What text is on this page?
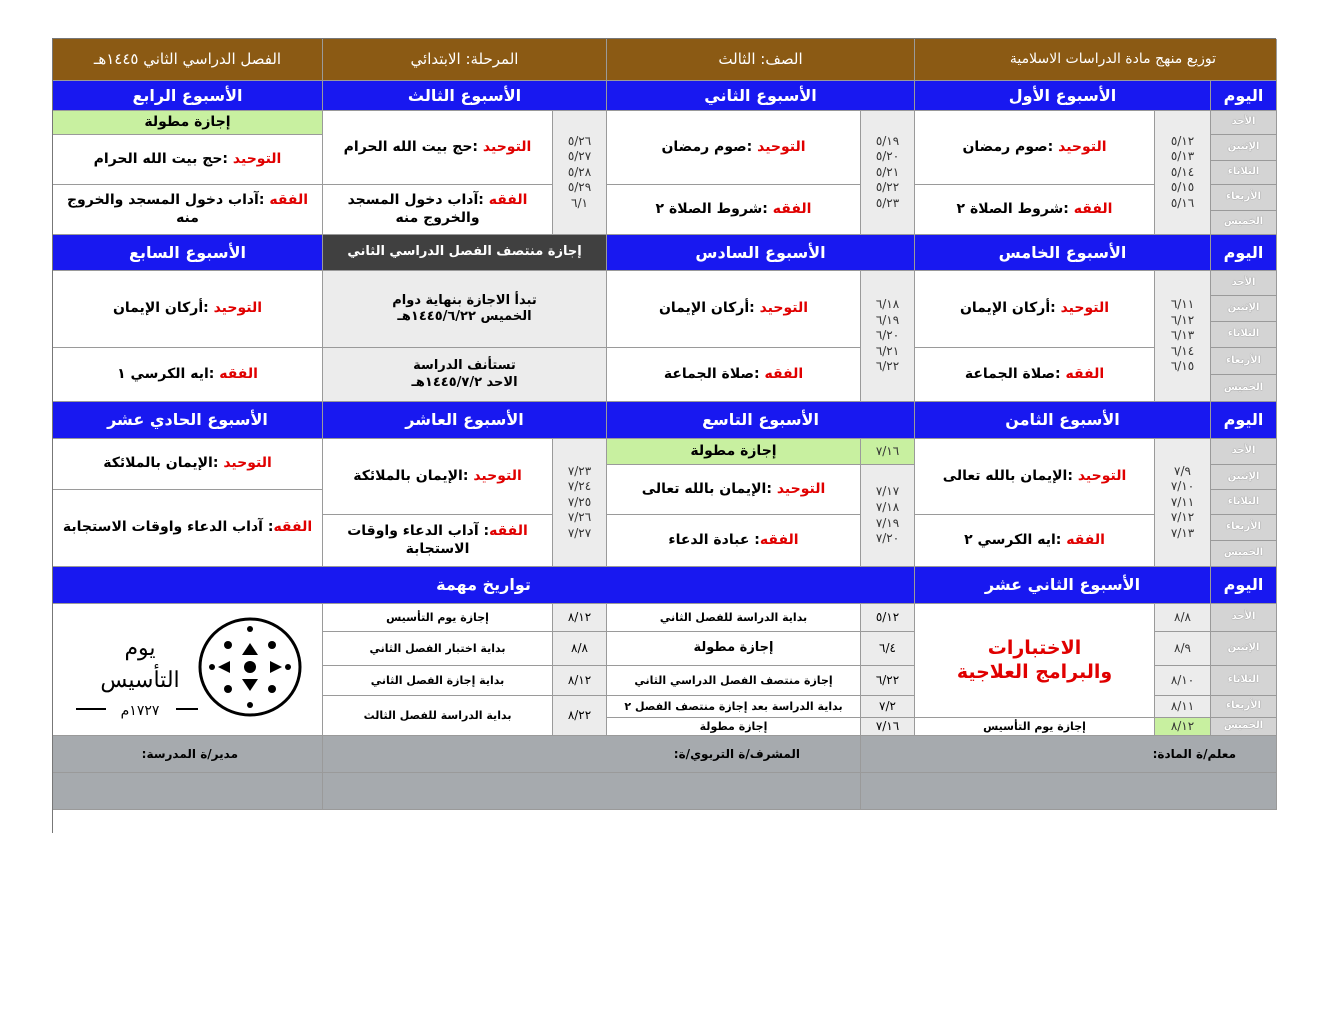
توزيع منهج مادة الدراسات الاسلامية
الصف: الثالث
المرحلة: الابتدائي
الفصل الدراسي الثاني ١٤٤٥هـ
اليوم
الأسبوع الأول
الأسبوع الثاني
الأسبوع الثالث
الأسبوع الرابع
الأحد
الإثنين
الثلاثاء
الأربعاء
الخميس
٥/١٢
٥/١٣
٥/١٤
٥/١٥
٥/١٦
التوحيد :صوم رمضان
الفقه :شروط الصلاة ٢
٥/١٩
٥/٢٠
٥/٢١
٥/٢٢
٥/٢٣
التوحيد :صوم رمضان
الفقه :شروط الصلاة ٢
٥/٢٦
٥/٢٧
٥/٢٨
٥/٢٩
٦/١
التوحيد :حج بيت الله الحرام
الفقه :آداب دخول المسجد والخروج منه
إجازة مطولة
التوحيد :حج بيت الله الحرام
الفقه :آداب دخول المسجد والخروج منه
اليوم
الأسبوع الخامس
الأسبوع السادس
إجازة منتصف الفصل الدراسي الثاني
الأسبوع السابع
الأحد
الإثنين
الثلاثاء
الأربعاء
الخميس
٦/١١
٦/١٢
٦/١٣
٦/١٤
٦/١٥
التوحيد :أركان الإيمان
الفقه :صلاة الجماعة
٦/١٨
٦/١٩
٦/٢٠
٦/٢١
٦/٢٢
التوحيد :أركان الإيمان
الفقه :صلاة الجماعة
تبدأ الاجازة بنهاية دوام
الخميس ١٤٤٥/٦/٢٢هـ
تستأنف الدراسة
الاحد ١٤٤٥/٧/٢هـ
التوحيد :أركان الإيمان
الفقه :ايه الكرسي ١
اليوم
الأسبوع الثامن
الأسبوع التاسع
الأسبوع العاشر
الأسبوع الحادي عشر
الأحد
الإثنين
الثلاثاء
الأربعاء
الخميس
٧/٩
٧/١٠
٧/١١
٧/١٢
٧/١٣
التوحيد :الإيمان بالله تعالى
الفقه :ايه الكرسي ٢
٧/١٦
إجازة مطولة
٧/١٧
٧/١٨
٧/١٩
٧/٢٠
التوحيد :الإيمان بالله تعالى
الفقه: عبادة الدعاء
٧/٢٣
٧/٢٤
٧/٢٥
٧/٢٦
٧/٢٧
التوحيد :الإيمان بالملائكة
الفقه: آداب الدعاء واوقات الاستجابة
التوحيد :الإيمان بالملائكة
الفقه: آداب الدعاء واوقات الاستجابة
اليوم
الأسبوع الثاني عشر
تواريخ مهمة
الأحد
الإثنين
الثلاثاء
الأربعاء
الخميس
٨/٨
٨/٩
٨/١٠
٨/١١
٨/١٢
الاختبارات
والبرامج العلاجية
إجازة يوم التأسيس
٥/١٢
بداية الدراسة للفصل الثاني
٦/٤
إجازة مطولة
٦/٢٢
إجازة منتصف الفصل الدراسي الثاني
٧/٢
بداية الدراسة بعد إجازة منتصف الفصل ٢
٧/١٦
إجازة مطولة
٨/١٢
إجازة يوم التأسيس
٨/٨
بداية اختبار الفصل الثاني
٨/١٢
بداية إجازة الفصل الثاني
٨/٢٢
بداية الدراسة للفصل الثالث
يوم
التأسيس
١٧٢٧م
معلم/ة المادة:
المشرف/ة التربوي/ة:
مدير/ة المدرسة:
